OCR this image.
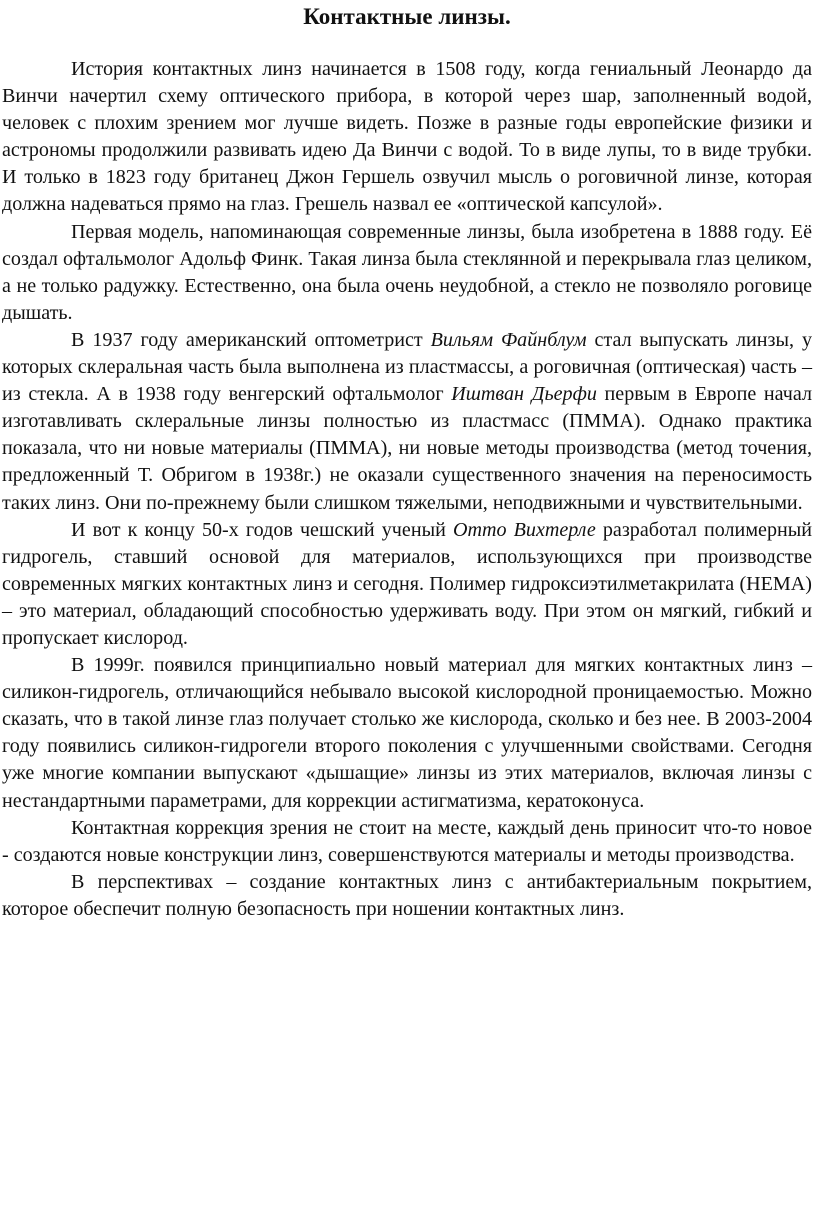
Контактные линзы.

История контактных линз начинается в 1508 году, когда гениальный Леонардо да Винчи начертил схему оптического прибора, в которой через шар, заполненный водой, человек с плохим зрением мог лучше видеть. Позже в разные годы европейские физики и астрономы продолжили развивать идею Да Винчи с водой. То в виде лупы, то в виде трубки. И только в 1823 году британец Джон Гершель озвучил мысль о роговичной линзе, которая должна надеваться прямо на глаз. Грешель назвал ее «оптической капсулой».

Первая модель, напоминающая современные линзы, была изобретена в 1888 году. Её создал офтальмолог Адольф Финк. Такая линза была стеклянной и перекрывала глаз целиком, а не только радужку. Естественно, она была очень неудобной, а стекло не позволяло роговице дышать.

В 1937 году американский оптометрист Вильям Файнблум стал выпускать линзы, у которых склеральная часть была выполнена из пластмассы, а роговичная (оптическая) часть – из стекла. А в 1938 году венгерский офтальмолог Иштван Дьерфи первым в Европе начал изготавливать склеральные линзы полностью из пластмасс (ПММА). Однако практика показала, что ни новые материалы (ПММА), ни новые методы производства (метод точения, предложенный Т. Обригом в 1938г.) не оказали существенного значения на переносимость таких линз. Они по-прежнему были слишком тяжелыми, неподвижными и чувствительными.

И вот к концу 50-х годов чешский ученый Отто Вихтерле разработал полимерный гидрогель, ставший основой для материалов, использующихся при производстве современных мягких контактных линз и сегодня. Полимер гидроксиэтилметакрилата (HEMA) – это материал, обладающий способностью удерживать воду. При этом он мягкий, гибкий и пропускает кислород.

В 1999г. появился принципиально новый материал для мягких контактных линз – силикон-гидрогель, отличающийся небывало высокой кислородной проницаемостью. Можно сказать, что в такой линзе глаз получает столько же кислорода, сколько и без нее. В 2003-2004 году появились силикон-гидрогели второго поколения с улучшенными свойствами. Сегодня уже многие компании выпускают «дышащие» линзы из этих материалов, включая линзы с нестандартными параметрами, для коррекции астигматизма, кератоконуса.

Контактная коррекция зрения не стоит на месте, каждый день приносит что-то новое - создаются новые конструкции линз, совершенствуются материалы и методы производства.

В перспективах – создание контактных линз с антибактериальным покрытием, которое обеспечит полную безопасность при ношении контактных линз.
